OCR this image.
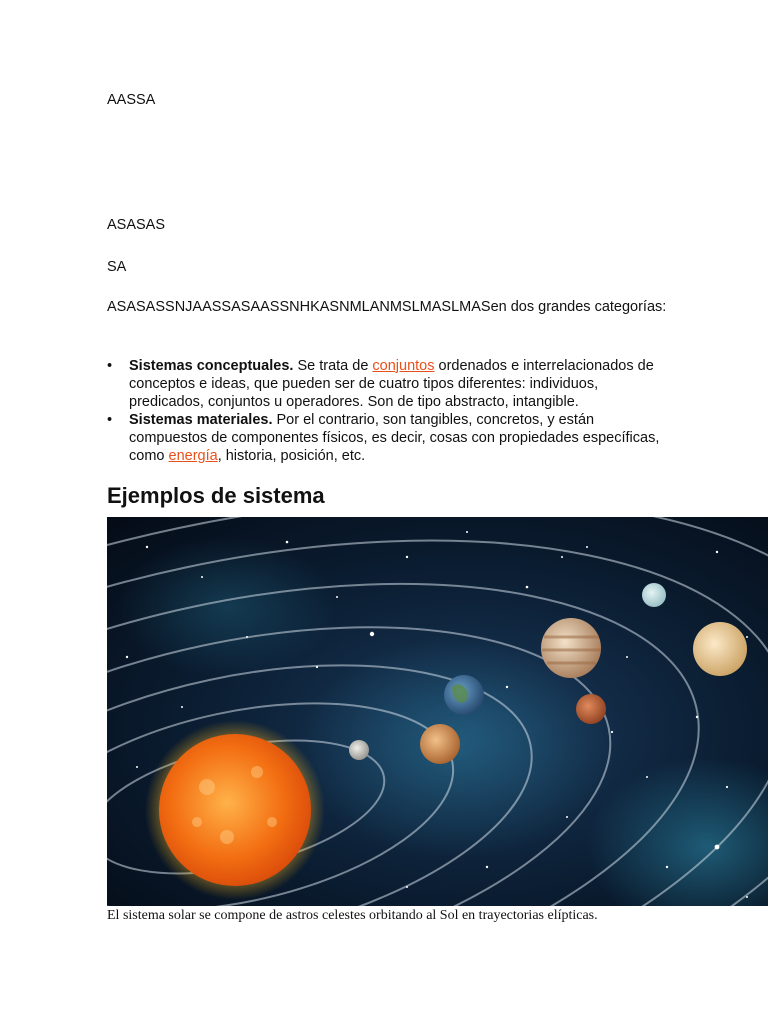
AASSA

ASASAS

SA

ASASASSNJAASSASAASSNHKASNMLANMSLMASLMASen dos grandes categorías:

• Sistemas conceptuales. Se trata de conjuntos ordenados e interrelacionados de conceptos e ideas, que pueden ser de cuatro tipos diferentes: individuos, predicados, conjuntos u operadores. Son de tipo abstracto, intangible.
• Sistemas materiales. Por el contrario, son tangibles, concretos, y están compuestos de componentes físicos, es decir, cosas con propiedades específicas, como energía, historia, posición, etc.
Ejemplos de sistema

El sistema solar se compone de astros celestes orbitando al Sol en trayectorias elípticas.
